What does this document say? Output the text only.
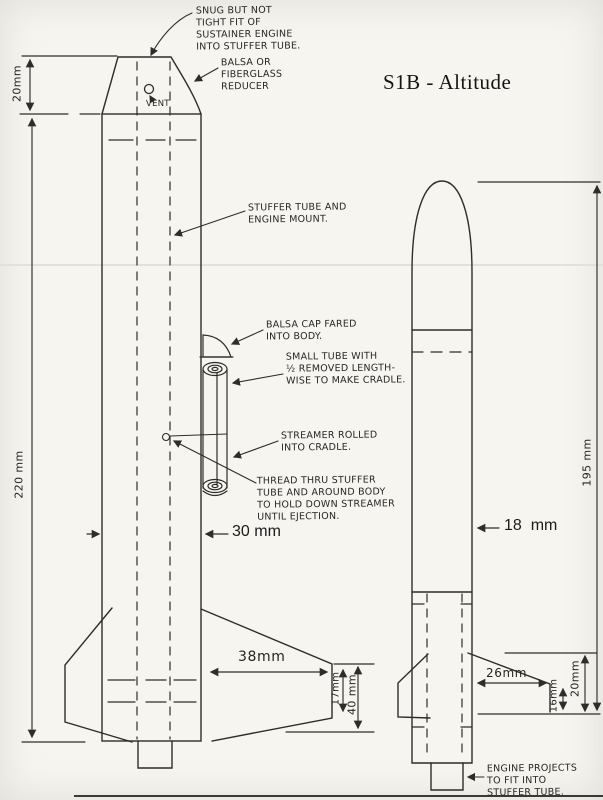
S1B - Altitude
SNUG BUT NOT
TIGHT FIT OF
SUSTAINER ENGINE
INTO STUFFER TUBE.
BALSA OR
FIBERGLASS
REDUCER
VENT
STUFFER TUBE AND
ENGINE MOUNT.
BALSA CAP FARED
INTO BODY.
SMALL TUBE WITH
½ REMOVED LENGTH-
WISE TO MAKE CRADLE.
STREAMER ROLLED
INTO CRADLE.
THREAD THRU STUFFER
TUBE AND AROUND BODY
TO HOLD DOWN STREAMER
UNTIL EJECTION.
ENGINE PROJECTS
TO FIT INTO
STUFFER TUBE.
30 mm	18  mm
38mm
26mm
20mm
220 mm
17mm 40 mm
195 mm
16mm 20mm
